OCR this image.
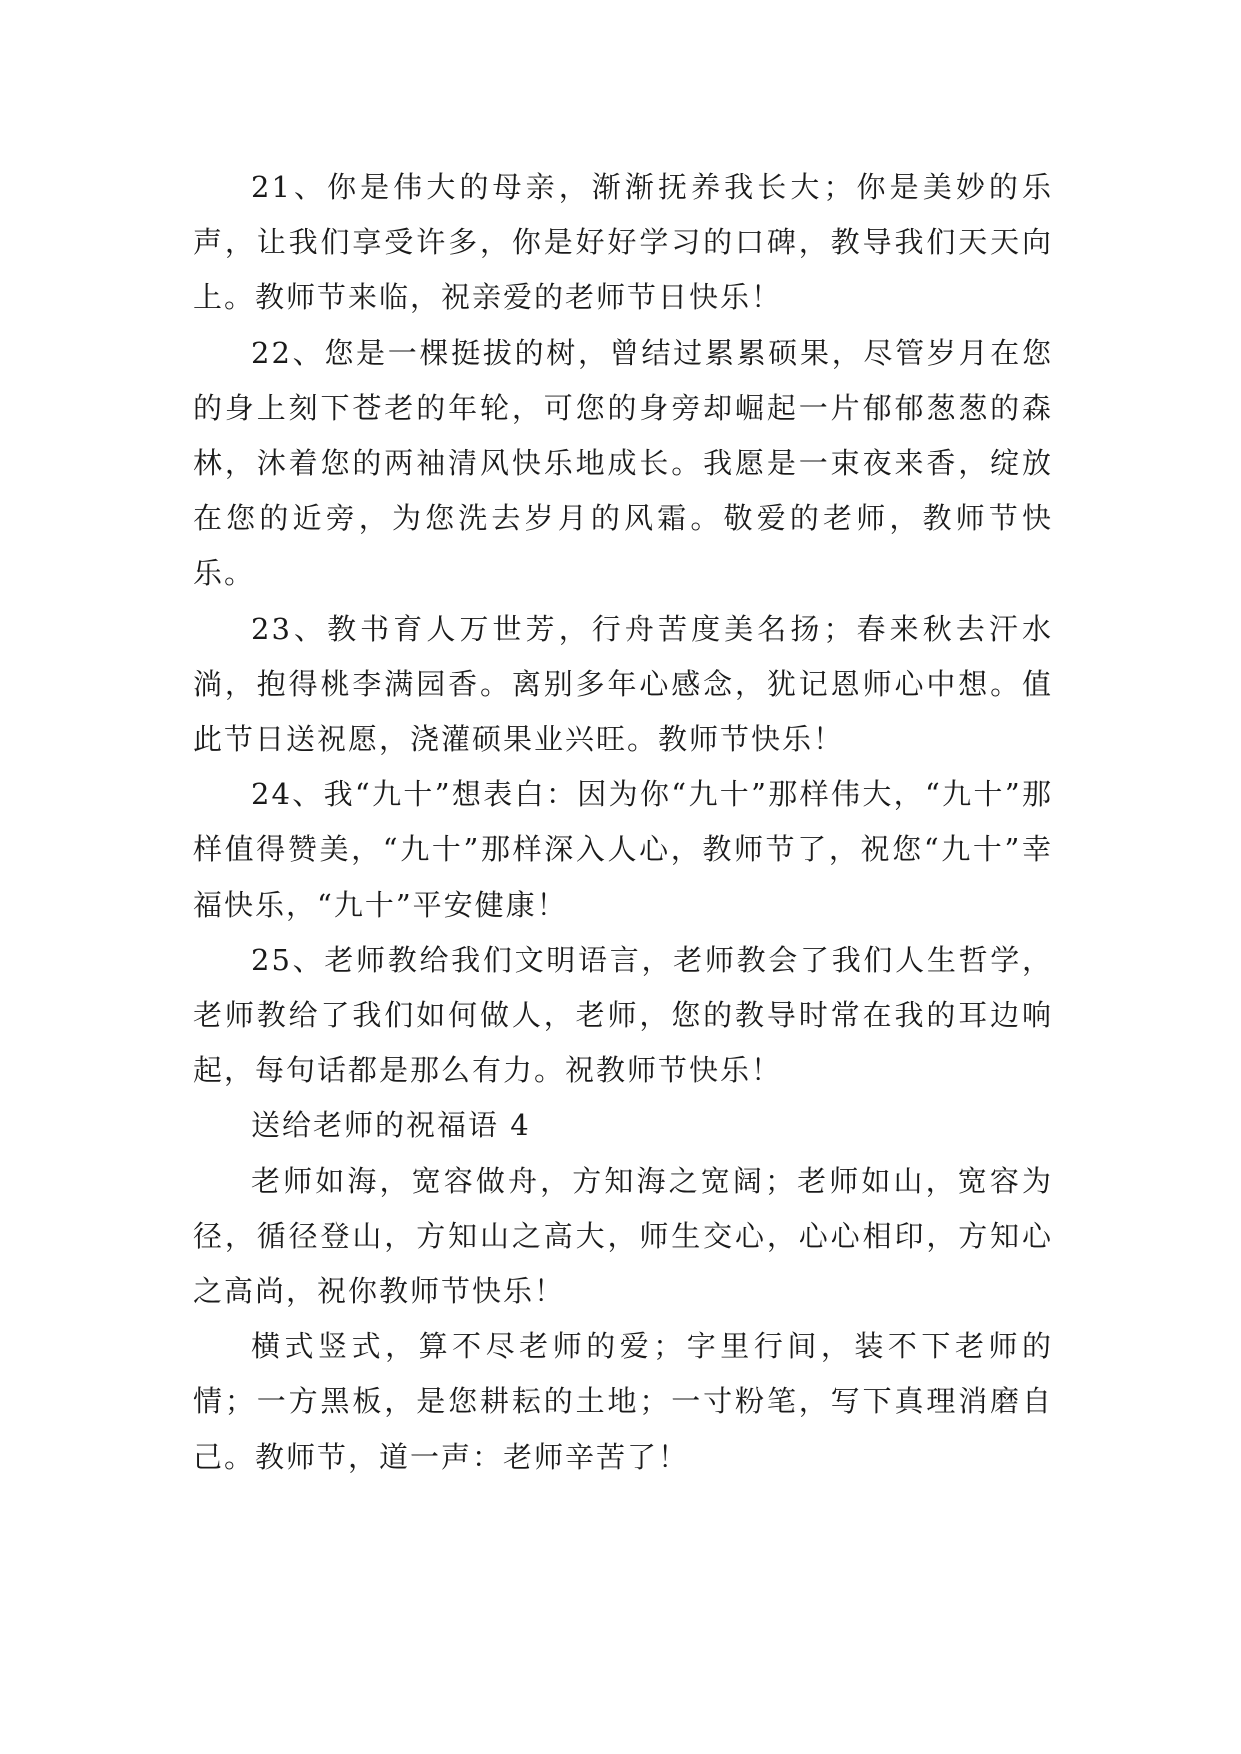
21、你是伟大的母亲，渐渐抚养我长大；你是美妙的乐声，让我们享受许多，你是好好学习的口碑，教导我们天天向上。教师节来临，祝亲爱的老师节日快乐！

22、您是一棵挺拔的树，曾结过累累硕果，尽管岁月在您的身上刻下苍老的年轮，可您的身旁却崛起一片郁郁葱葱的森林，沐着您的两袖清风快乐地成长。我愿是一束夜来香，绽放在您的近旁，为您洗去岁月的风霜。敬爱的老师，教师节快乐。

23、教书育人万世芳，行舟苦度美名扬；春来秋去汗水淌，抱得桃李满园香。离别多年心感念，犹记恩师心中想。值此节日送祝愿，浇灌硕果业兴旺。教师节快乐！

24、我“九十”想表白：因为你“九十”那样伟大，“九十”那样值得赞美，“九十”那样深入人心，教师节了，祝您“九十”幸福快乐，“九十”平安健康！

25、老师教给我们文明语言，老师教会了我们人生哲学，老师教给了我们如何做人，老师，您的教导时常在我的耳边响起，每句话都是那么有力。祝教师节快乐！

送给老师的祝福语 4

老师如海，宽容做舟，方知海之宽阔；老师如山，宽容为径，循径登山，方知山之高大，师生交心，心心相印，方知心之高尚，祝你教师节快乐！

横式竖式，算不尽老师的爱；字里行间，装不下老师的情；一方黑板，是您耕耘的土地；一寸粉笔，写下真理消磨自己。教师节，道一声：老师辛苦了！
